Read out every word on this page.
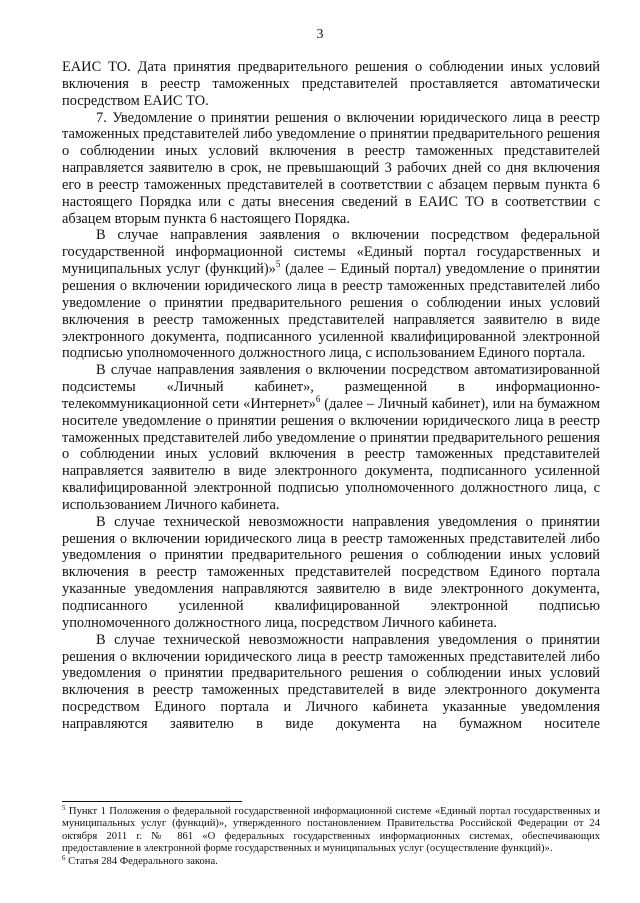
3

ЕАИС ТО. Дата принятия предварительного решения о соблюдении иных условий включения в реестр таможенных представителей проставляется автоматически посредством ЕАИС ТО.

7. Уведомление о принятии решения о включении юридического лица в реестр таможенных представителей либо уведомление о принятии предварительного решения о соблюдении иных условий включения в реестр таможенных представителей направляется заявителю в срок, не превышающий 3 рабочих дней со дня включения его в реестр таможенных представителей в соответствии с абзацем первым пункта 6 настоящего Порядка или с даты внесения сведений в ЕАИС ТО в соответствии с абзацем вторым пункта 6 настоящего Порядка.

В случае направления заявления о включении посредством федеральной государственной информационной системы «Единый портал государственных и муниципальных услуг (функций)»$^5$ (далее – Единый портал) уведомление о принятии решения о включении юридического лица в реестр таможенных представителей либо уведомление о принятии предварительного решения о соблюдении иных условий включения в реестр таможенных представителей направляется заявителю в виде электронного документа, подписанного усиленной квалифицированной электронной подписью уполномоченного должностного лица, с использованием Единого портала.

В случае направления заявления о включении посредством автоматизированной подсистемы «Личный кабинет», размещенной в информационно-телекоммуникационной сети «Интернет»$^6$ (далее – Личный кабинет), или на бумажном носителе уведомление о принятии решения о включении юридического лица в реестр таможенных представителей либо уведомление о принятии предварительного решения о соблюдении иных условий включения в реестр таможенных представителей направляется заявителю в виде электронного документа, подписанного усиленной квалифицированной электронной подписью уполномоченного должностного лица, с использованием Личного кабинета.

В случае технической невозможности направления уведомления о принятии решения о включении юридического лица в реестр таможенных представителей либо уведомления о принятии предварительного решения о соблюдении иных условий включения в реестр таможенных представителей посредством Единого портала указанные уведомления направляются заявителю в виде электронного документа, подписанного усиленной квалифицированной электронной подписью уполномоченного должностного лица, посредством Личного кабинета.

В случае технической невозможности направления уведомления о принятии решения о включении юридического лица в реестр таможенных представителей либо уведомления о принятии предварительного решения о соблюдении иных условий включения в реестр таможенных представителей в виде электронного документа посредством Единого портала и Личного кабинета указанные уведомления направляются заявителю в виде документа на бумажном носителе

$^5$ Пункт 1 Положения о федеральной государственной информационной системе «Единый портал государственных и муниципальных услуг (функций)», утвержденного постановлением Правительства Российской Федерации от 24 октября 2011 г. № 861 «О федеральных государственных информационных системах, обеспечивающих предоставление в электронной форме государственных и муниципальных услуг (осуществление функций)».

$^6$ Статья 284 Федерального закона.
